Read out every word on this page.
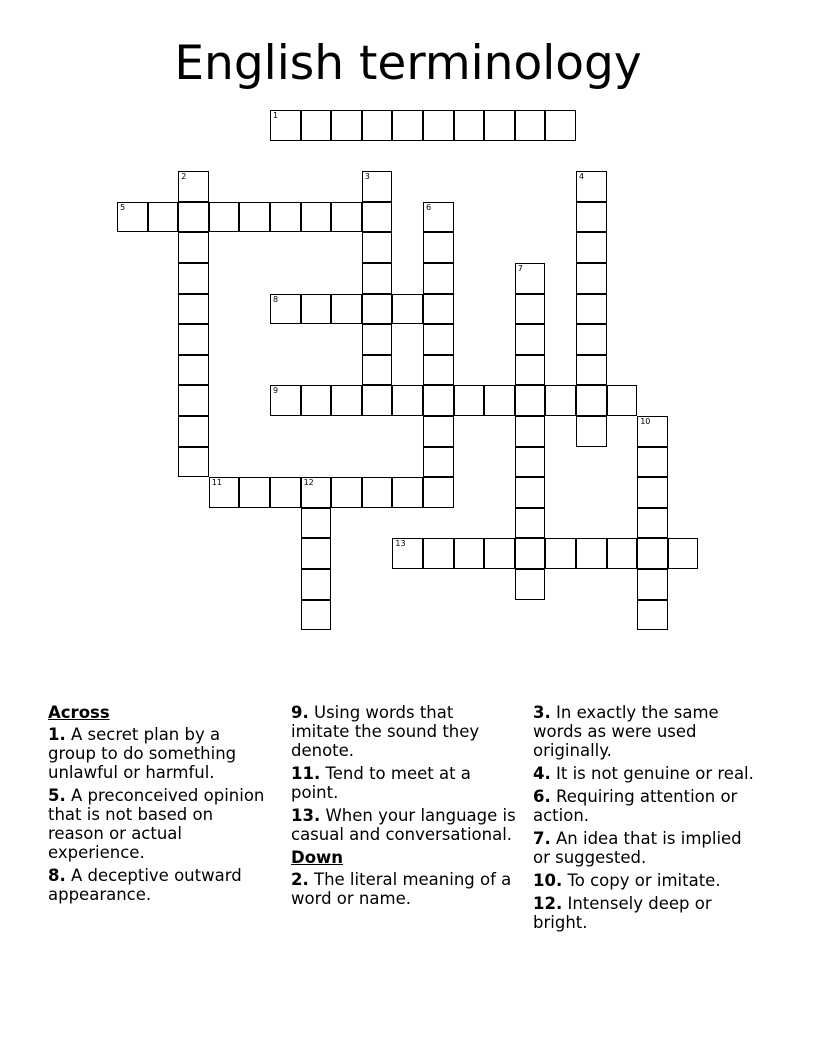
English terminology
1
2	3	4
5	6
7
8
9
10
11	12
13
Across
1. A secret plan by a group to do something unlawful or harmful.
5. A preconceived opinion that is not based on reason or actual experience.
8. A deceptive outward appearance.
9. Using words that imitate the sound they denote.
11. Tend to meet at a point.
13. When your language is casual and conversational.
Down
2. The literal meaning of a word or name.
3. In exactly the same words as were used originally.
4. It is not genuine or real.
6. Requiring attention or action.
7. An idea that is implied or suggested.
10. To copy or imitate.
12. Intensely deep or bright.
